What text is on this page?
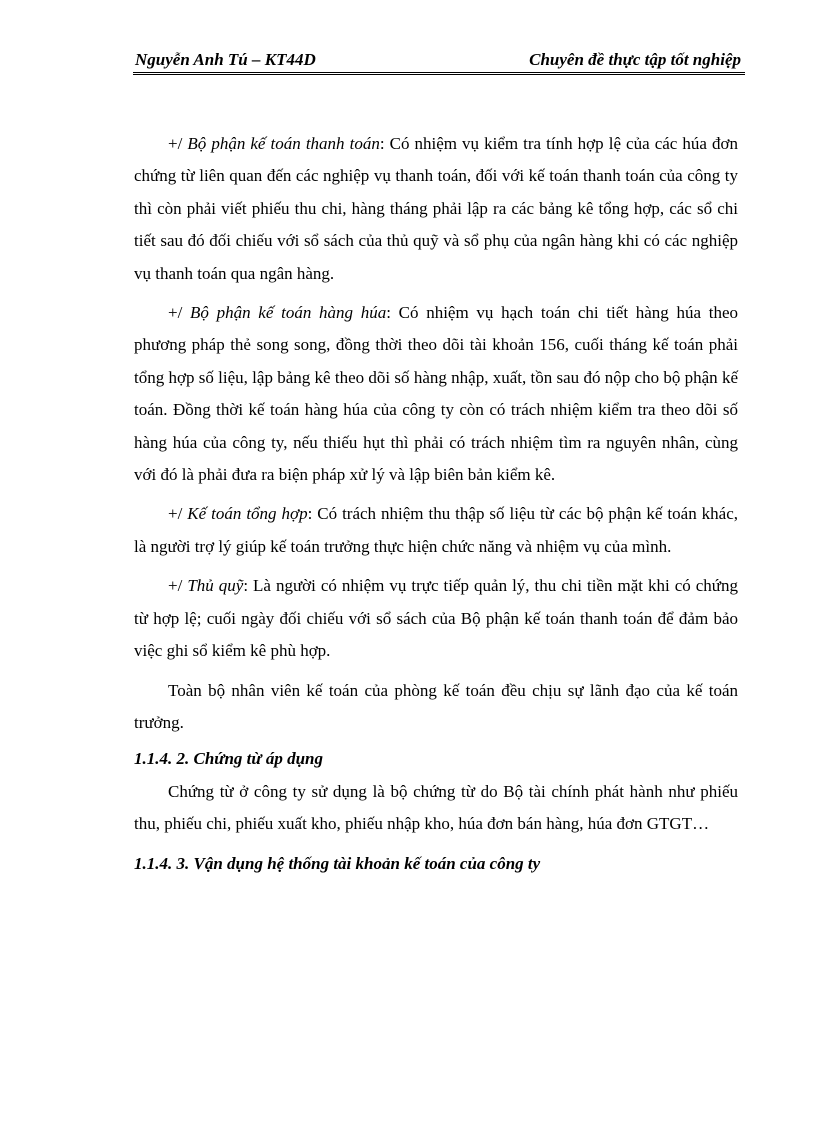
Nguyễn Anh Tú – KT44D	Chuyên đề thực tập tốt nghiệp

+/ Bộ phận kế toán thanh toán: Có nhiệm vụ kiểm tra tính hợp lệ của các húa đơn chứng từ liên quan đến các nghiệp vụ thanh toán, đối với kế toán thanh toán của công ty thì còn phải viết phiếu thu chi, hàng tháng phải lập ra các bảng kê tổng hợp, các sổ chi tiết sau đó đối chiếu với sổ sách của thủ quỹ và sổ phụ của ngân hàng khi có các nghiệp vụ thanh toán qua ngân hàng.

+/ Bộ phận kế toán hàng húa: Có nhiệm vụ hạch toán chi tiết hàng húa theo phương pháp thẻ song song, đồng thời theo dõi tài khoản 156, cuối tháng kế toán phải tổng hợp số liệu, lập bảng kê theo dõi số hàng nhập, xuất, tồn sau đó nộp cho bộ phận kế toán. Đồng thời kế toán hàng húa của công ty còn có trách nhiệm kiểm tra theo dõi số hàng húa của công ty, nếu thiếu hụt thì phải có trách nhiệm tìm ra nguyên nhân, cùng với đó là phải đưa ra biện pháp xử lý và lập biên bản kiểm kê.

+/ Kế toán tổng hợp: Có trách nhiệm thu thập số liệu từ các bộ phận kế toán khác, là người trợ lý giúp kế toán trưởng thực hiện chức năng và nhiệm vụ của mình.

+/ Thủ quỹ: Là người có nhiệm vụ trực tiếp quản lý, thu chi tiền mặt khi có chứng từ hợp lệ; cuối ngày đối chiếu với sổ sách của Bộ phận kế toán thanh toán để đảm bảo việc ghi sổ kiểm kê phù hợp.

Toàn bộ nhân viên kế toán của phòng kế toán đều chịu sự lãnh đạo của kế toán trưởng.

1.1.4. 2. Chứng từ áp dụng

Chứng từ ở công ty sử dụng là bộ chứng từ do Bộ tài chính phát hành như phiếu thu, phiếu chi, phiếu xuất kho, phiếu nhập kho, húa đơn bán hàng, húa đơn GTGT…

1.1.4. 3. Vận dụng hệ thống tài khoản kế toán của công ty
